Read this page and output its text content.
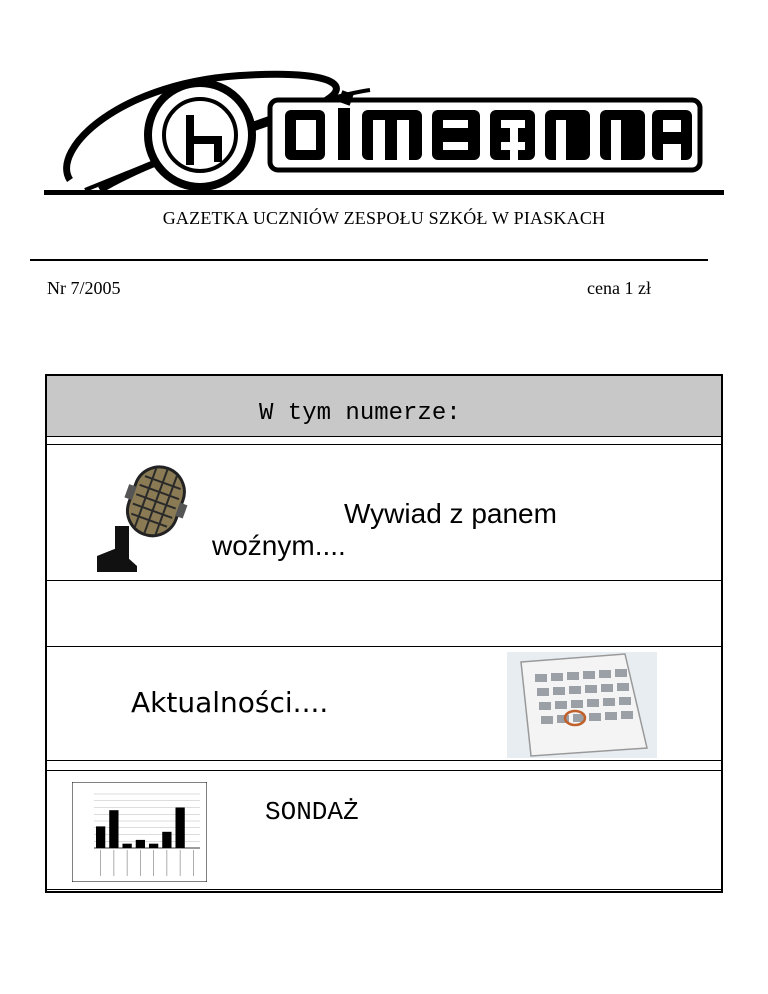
GAZETKA UCZNIÓW ZESPOŁU SZKÓŁ W PIASKACH
Nr 7/2005	cena 1 zł
W tym numerze:
Wywiad z panem
woźnym....
Aktualności....
SONDAŻ
